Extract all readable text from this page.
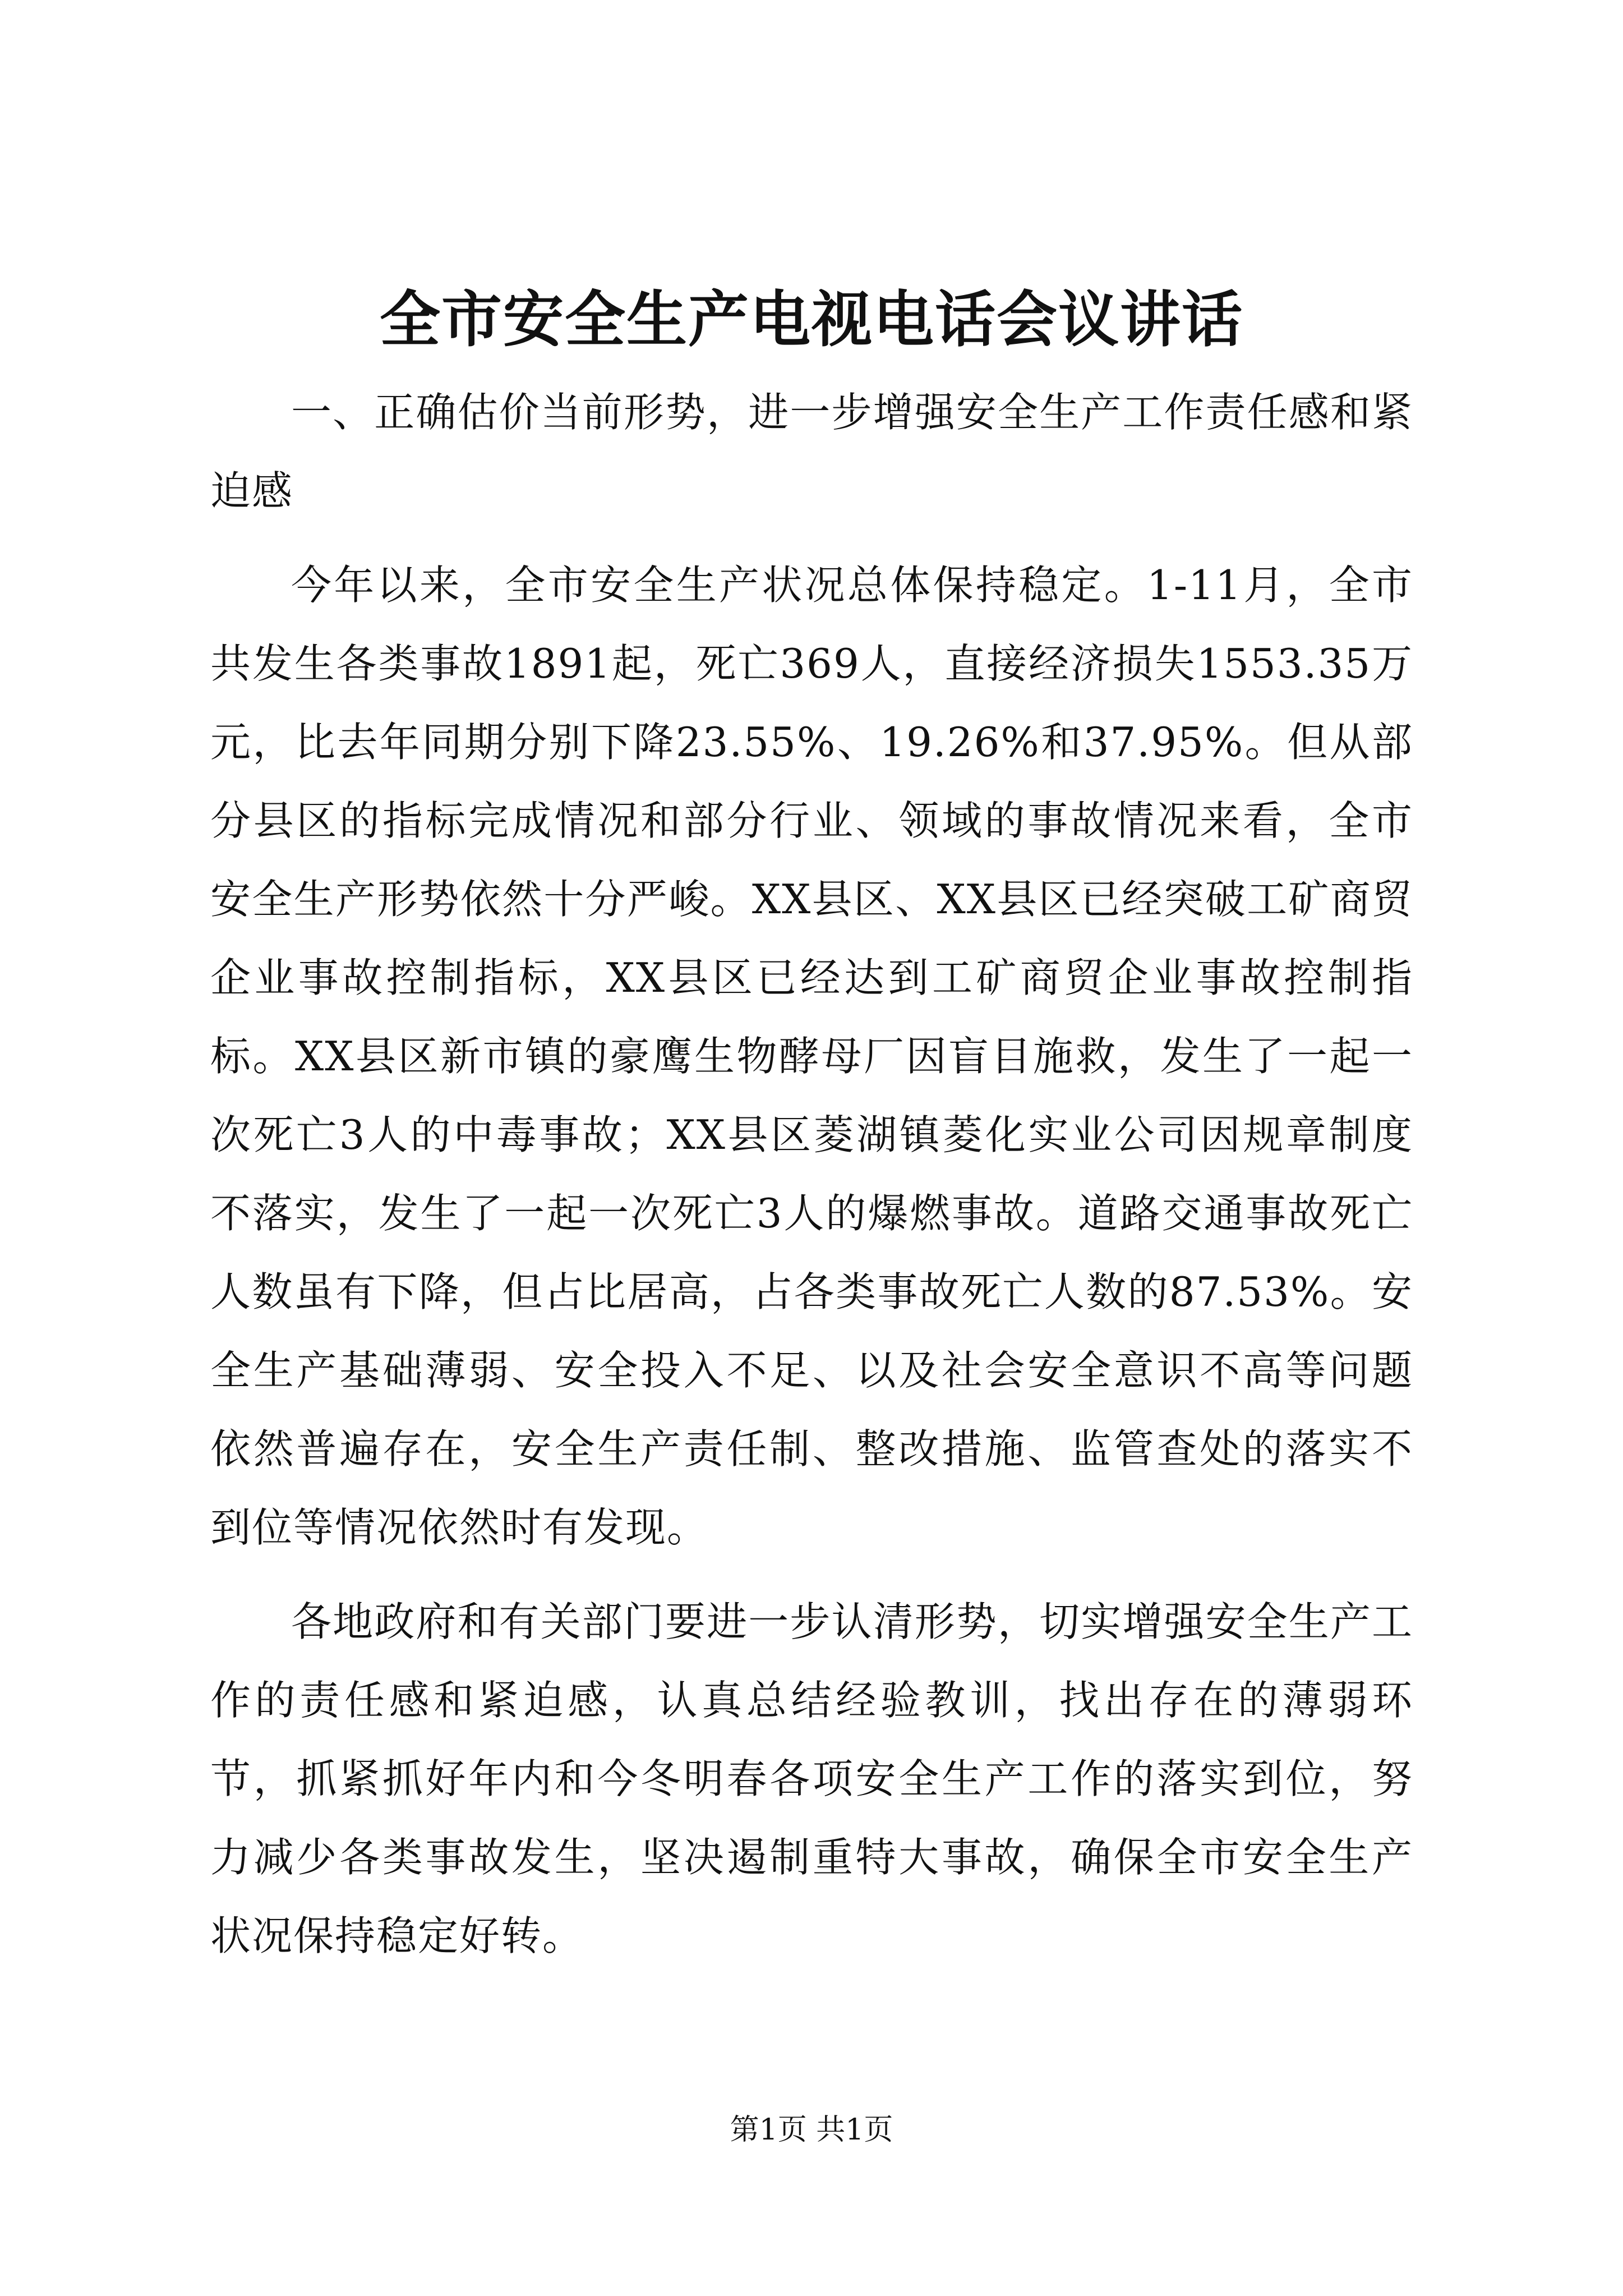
全市安全生产电视电话会议讲话

一、正确估价当前形势，进一步增强安全生产工作责任感和紧迫感

今年以来，全市安全生产状况总体保持稳定。1-11月，全市共发生各类事故1891起，死亡369人，直接经济损失1553.35万元，比去年同期分别下降23.55%、19.26%和37.95%。但从部分县区的指标完成情况和部分行业、领域的事故情况来看，全市安全生产形势依然十分严峻。XX县区、XX县区已经突破工矿商贸企业事故控制指标，XX县区已经达到工矿商贸企业事故控制指标。XX县区新市镇的豪鹰生物酵母厂因盲目施救，发生了一起一次死亡3人的中毒事故；XX县区菱湖镇菱化实业公司因规章制度不落实，发生了一起一次死亡3人的爆燃事故。道路交通事故死亡人数虽有下降，但占比居高，占各类事故死亡人数的87.53%。安全生产基础薄弱、安全投入不足、以及社会安全意识不高等问题依然普遍存在，安全生产责任制、整改措施、监管查处的落实不到位等情况依然时有发现。

各地政府和有关部门要进一步认清形势，切实增强安全生产工作的责任感和紧迫感，认真总结经验教训，找出存在的薄弱环节，抓紧抓好年内和今冬明春各项安全生产工作的落实到位，努力减少各类事故发生，坚决遏制重特大事故，确保全市安全生产状况保持稳定好转。

第1页 共1页
